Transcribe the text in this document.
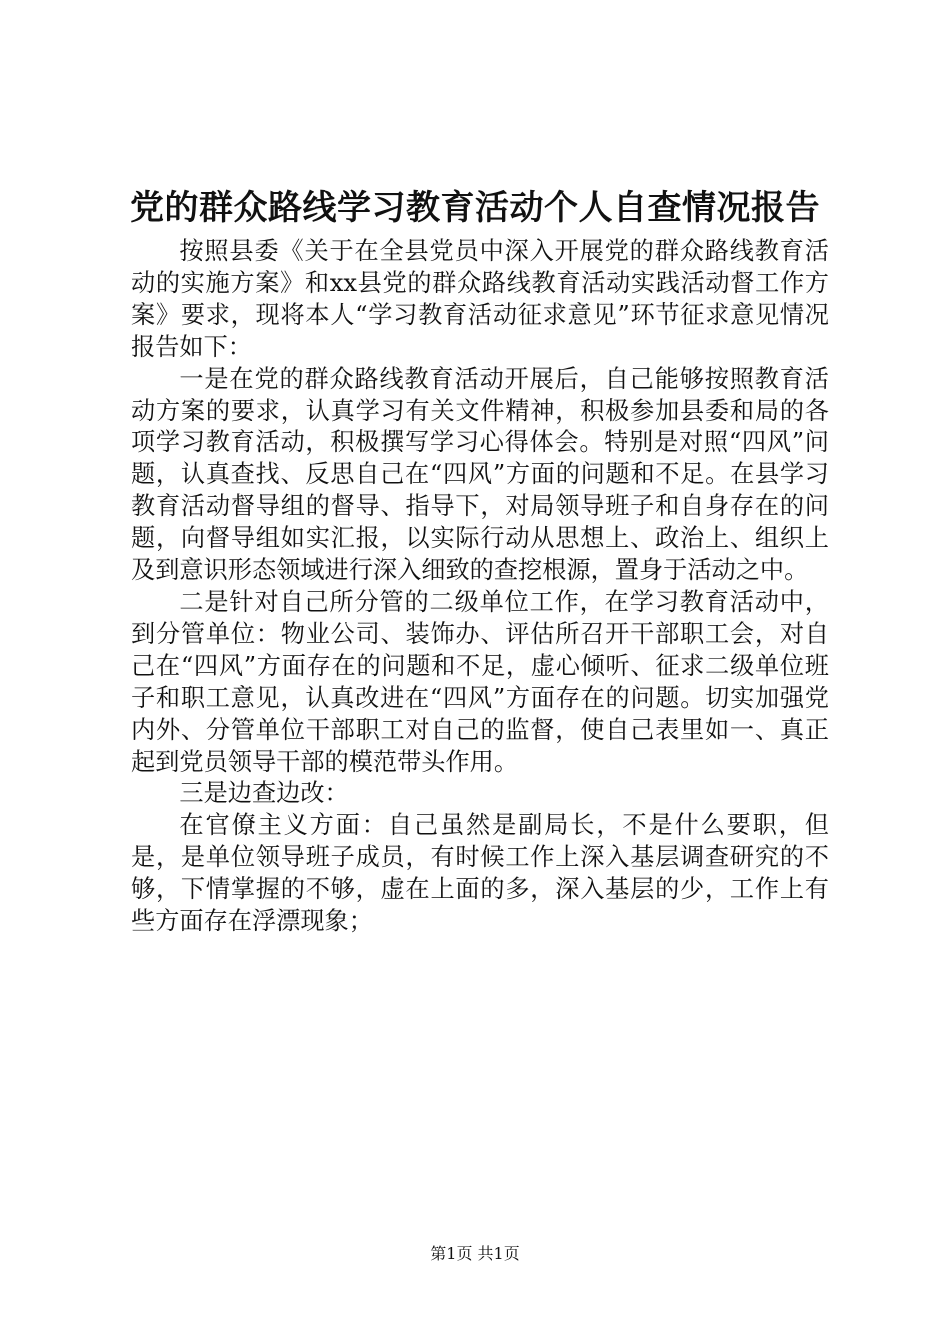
党的群众路线学习教育活动个人自查情况报告

按照县委《关于在全县党员中深入开展党的群众路线教育活动的实施方案》和xx县党的群众路线教育活动实践活动督工作方案》要求，现将本人“学习教育活动征求意见”环节征求意见情况报告如下：

一是在党的群众路线教育活动开展后，自己能够按照教育活动方案的要求，认真学习有关文件精神，积极参加县委和局的各项学习教育活动，积极撰写学习心得体会。特别是对照“四风”问题，认真查找、反思自己在“四风”方面的问题和不足。在县学习教育活动督导组的督导、指导下，对局领导班子和自身存在的问题，向督导组如实汇报，以实际行动从思想上、政治上、组织上及到意识形态领域进行深入细致的查挖根源，置身于活动之中。

二是针对自己所分管的二级单位工作，在学习教育活动中，到分管单位：物业公司、装饰办、评估所召开干部职工会，对自己在“四风”方面存在的问题和不足，虚心倾听、征求二级单位班子和职工意见，认真改进在“四风”方面存在的问题。切实加强党内外、分管单位干部职工对自己的监督，使自己表里如一、真正起到党员领导干部的模范带头作用。

三是边查边改：

在官僚主义方面：自己虽然是副局长，不是什么要职，但是，是单位领导班子成员，有时候工作上深入基层调查研究的不够，下情掌握的不够，虚在上面的多，深入基层的少，工作上有些方面存在浮漂现象；

第1页 共1页
